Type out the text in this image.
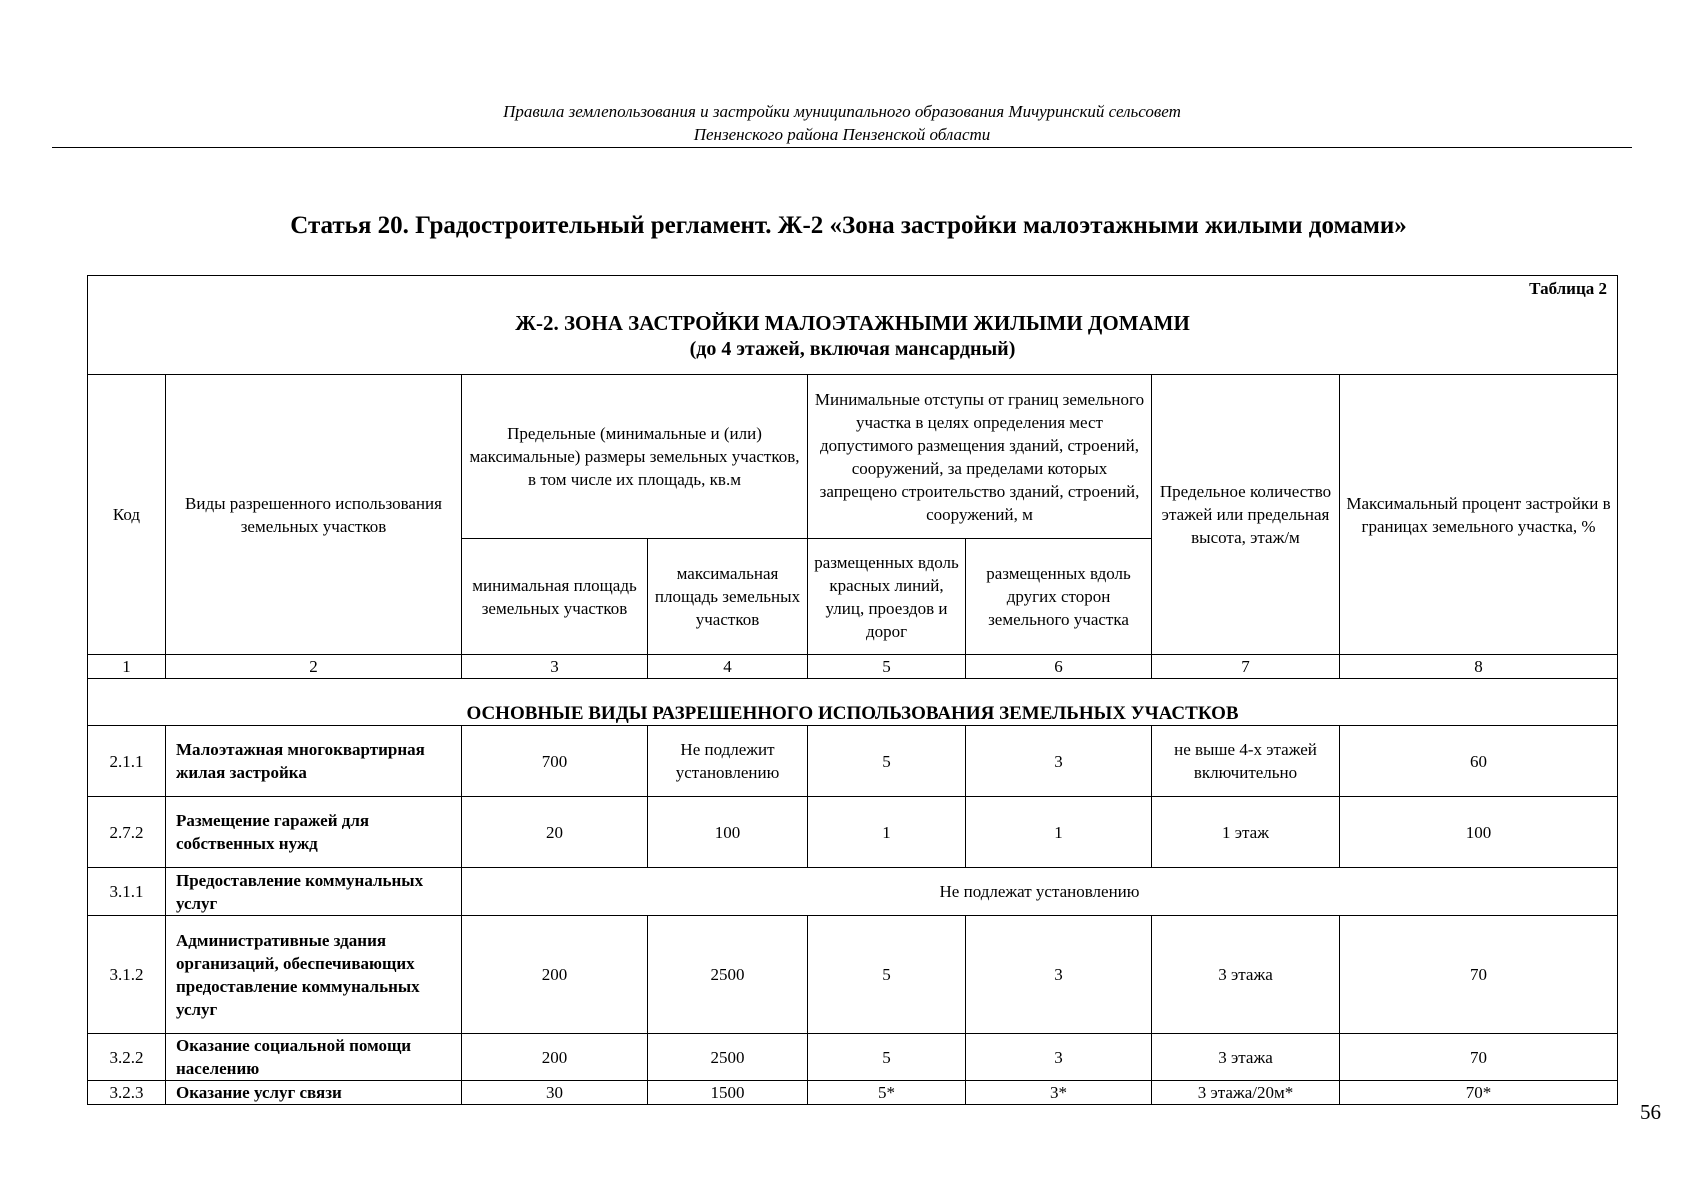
Правила землепользования и застройки муниципального образования Мичуринский сельсовет
Пензенского района Пензенской области
Статья 20. Градостроительный регламент. Ж-2 «Зона застройки малоэтажными жилыми домами»
Таблица 2
Ж-2. ЗОНА ЗАСТРОЙКИ МАЛОЭТАЖНЫМИ ЖИЛЫМИ ДОМАМИ
(до 4 этажей, включая мансардный)							

Код	Виды разрешенного использования земельных участков	Предельные (минимальные и (или) максимальные) размеры земельных участков, в том числе их площадь, кв.м		Минимальные отступы от границ земельного участка в целях определения мест допустимого размещения зданий, строений, сооружений, за пределами которых запрещено строительство зданий, строений, сооружений, м		Предельное количество этажей или предельная высота, этаж/м	Максимальный процент застройки в границах земельного участка, %
		минимальная площадь земельных участков	максимальная площадь земельных участков	размещенных вдоль красных линий, улиц, проездов и дорог	размещенных вдоль других сторон земельного участка		
1	2	3	4	5	6	7	8
ОСНОВНЫЕ ВИДЫ РАЗРЕШЕННОГО ИСПОЛЬЗОВАНИЯ ЗЕМЕЛЬНЫХ УЧАСТКОВ							
2.1.1	Малоэтажная многоквартирная жилая застройка	700	Не подлежит установлению	5	3	не выше 4-х этажей включительно	60
2.7.2	Размещение гаражей для собственных нужд	20	100	1	1	1 этаж	100
3.1.1	Предоставление коммунальных услуг	Не подлежат установлению					
3.1.2	Административные здания организаций, обеспечивающих предоставление коммунальных услуг	200	2500	5	3	3 этажа	70
3.2.2	Оказание социальной помощи населению	200	2500	5	3	3 этажа	70
3.2.3	Оказание услуг связи	30	1500	5*	3*	3 этажа/20м*	70*
56
